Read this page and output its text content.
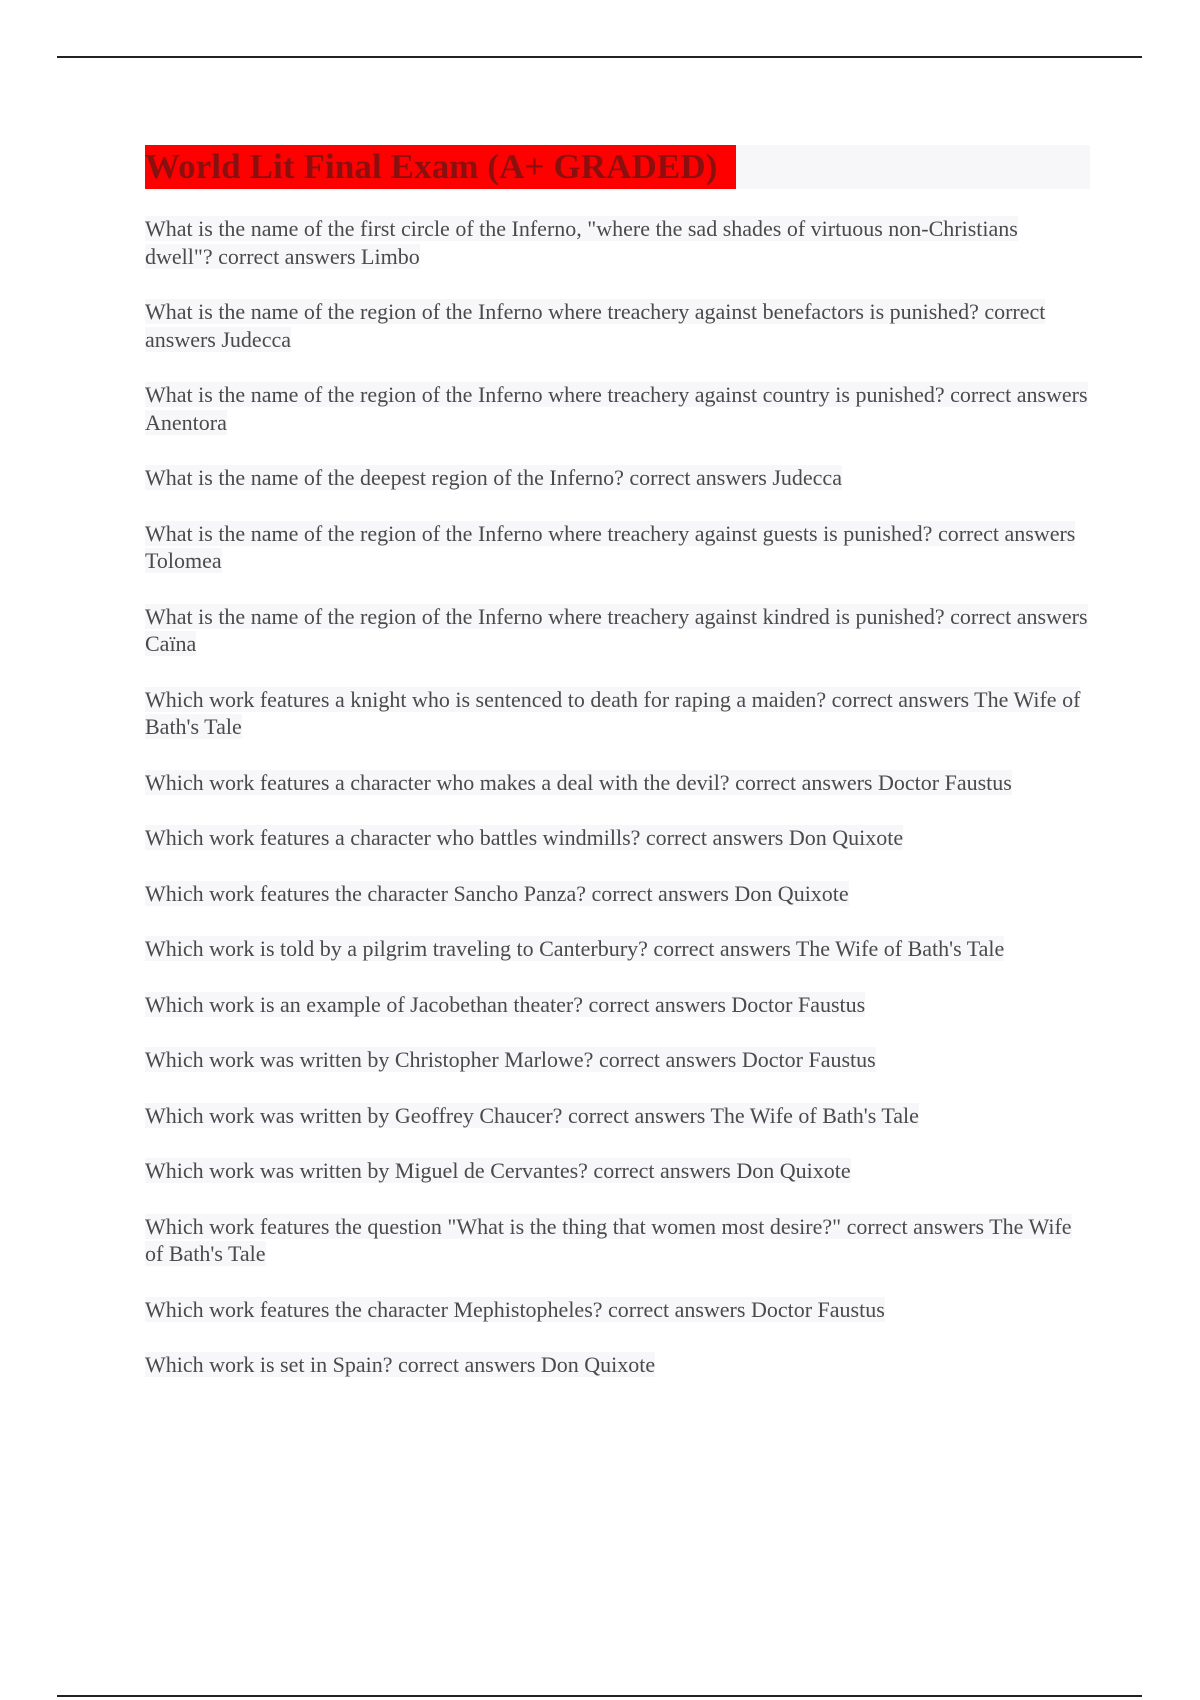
World Lit Final Exam (A+ GRADED)
What is the name of the first circle of the Inferno, "where the sad shades of virtuous non-Christians dwell"? correct answers Limbo
What is the name of the region of the Inferno where treachery against benefactors is punished? correct answers Judecca
What is the name of the region of the Inferno where treachery against country is punished? correct answers Anentora
What is the name of the deepest region of the Inferno? correct answers Judecca
What is the name of the region of the Inferno where treachery against guests is punished? correct answers Tolomea
What is the name of the region of the Inferno where treachery against kindred is punished? correct answers Caïna
Which work features a knight who is sentenced to death for raping a maiden? correct answers The Wife of Bath's Tale
Which work features a character who makes a deal with the devil? correct answers Doctor Faustus
Which work features a character who battles windmills? correct answers Don Quixote
Which work features the character Sancho Panza? correct answers Don Quixote
Which work is told by a pilgrim traveling to Canterbury? correct answers The Wife of Bath's Tale
Which work is an example of Jacobethan theater? correct answers Doctor Faustus
Which work was written by Christopher Marlowe? correct answers Doctor Faustus
Which work was written by Geoffrey Chaucer? correct answers The Wife of Bath's Tale
Which work was written by Miguel de Cervantes? correct answers Don Quixote
Which work features the question "What is the thing that women most desire?" correct answers The Wife of Bath's Tale
Which work features the character Mephistopheles? correct answers Doctor Faustus
Which work is set in Spain? correct answers Don Quixote
